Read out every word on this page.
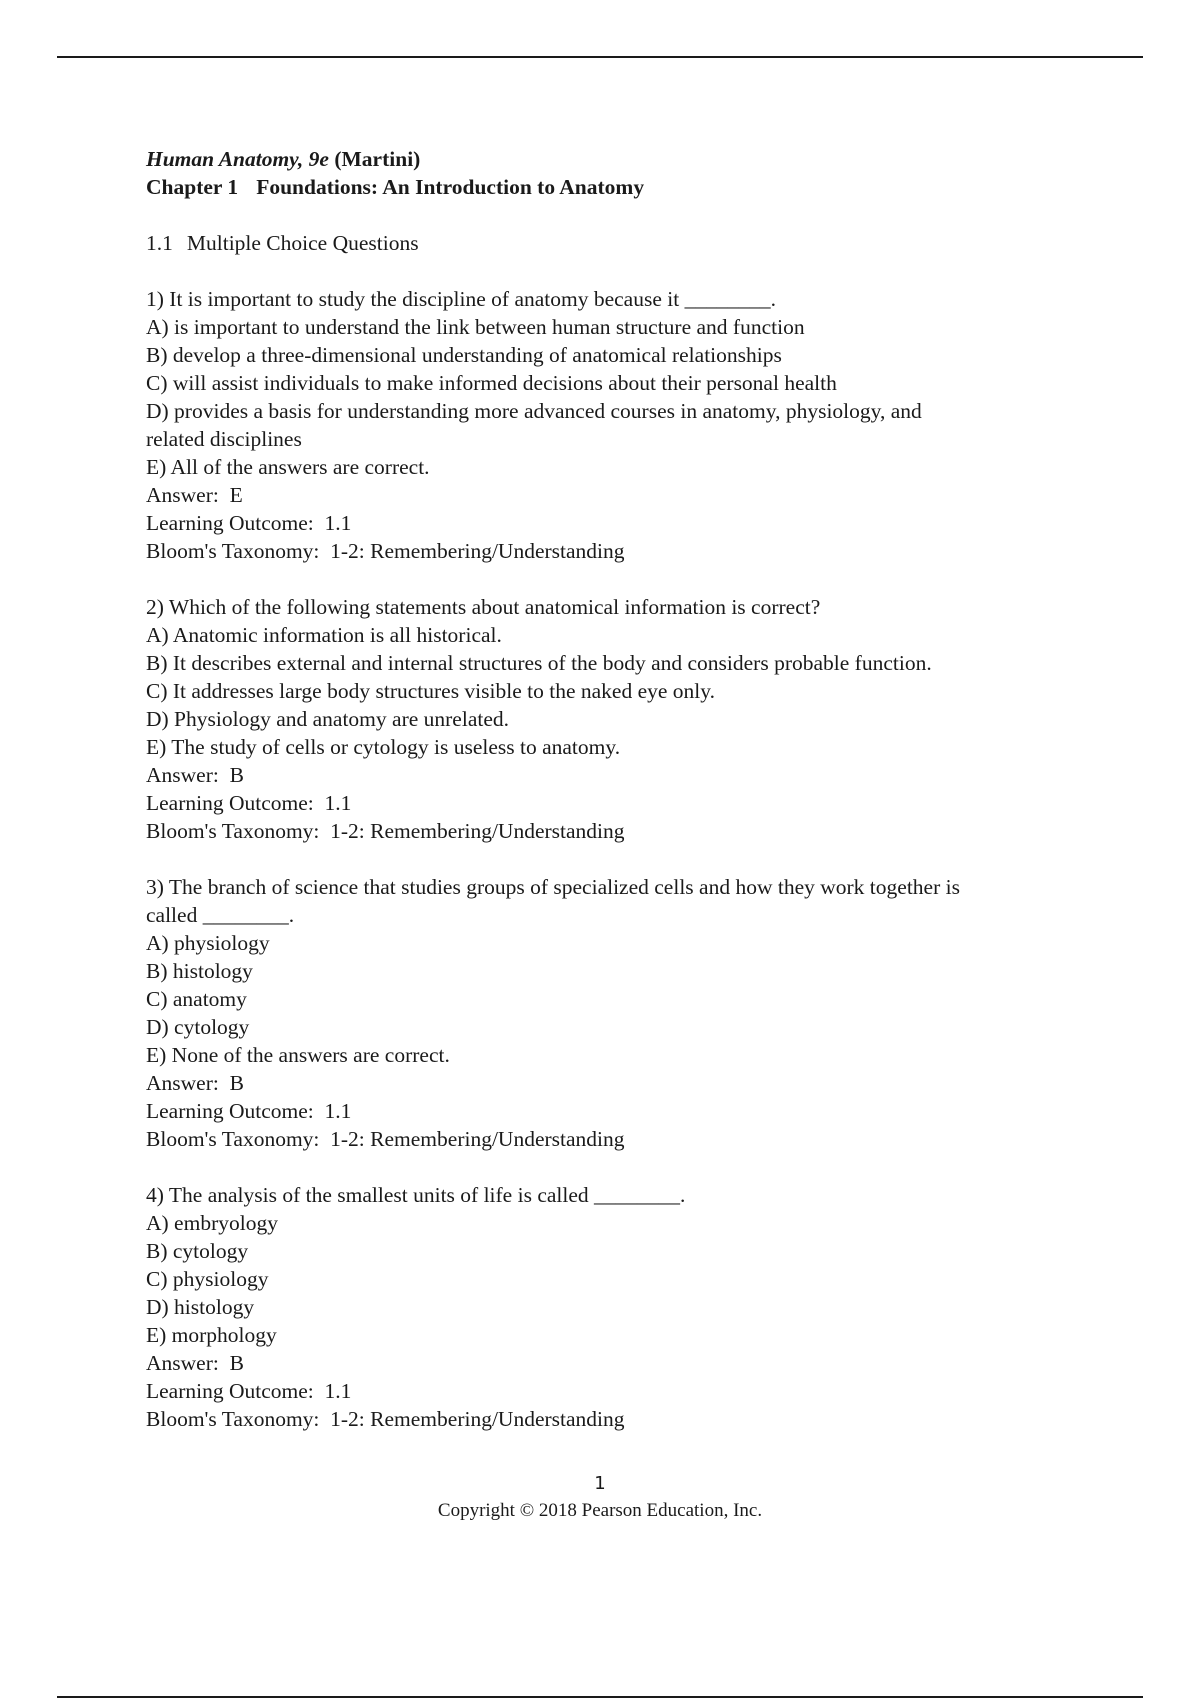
Human Anatomy, 9e (Martini)
Chapter 1 Foundations: An Introduction to Anatomy
1.1 Multiple Choice Questions
1) It is important to study the discipline of anatomy because it ________.
A) is important to understand the link between human structure and function
B) develop a three-dimensional understanding of anatomical relationships
C) will assist individuals to make informed decisions about their personal health
D) provides a basis for understanding more advanced courses in anatomy, physiology, and
related disciplines
E) All of the answers are correct.
Answer: E
Learning Outcome: 1.1
Bloom's Taxonomy: 1-2: Remembering/Understanding
2) Which of the following statements about anatomical information is correct?
A) Anatomic information is all historical.
B) It describes external and internal structures of the body and considers probable function.
C) It addresses large body structures visible to the naked eye only.
D) Physiology and anatomy are unrelated.
E) The study of cells or cytology is useless to anatomy.
Answer: B
Learning Outcome: 1.1
Bloom's Taxonomy: 1-2: Remembering/Understanding
3) The branch of science that studies groups of specialized cells and how they work together is
called ________.
A) physiology
B) histology
C) anatomy
D) cytology
E) None of the answers are correct.
Answer: B
Learning Outcome: 1.1
Bloom's Taxonomy: 1-2: Remembering/Understanding
4) The analysis of the smallest units of life is called ________.
A) embryology
B) cytology
C) physiology
D) histology
E) morphology
Answer: B
Learning Outcome: 1.1
Bloom's Taxonomy: 1-2: Remembering/Understanding
1
Copyright © 2018 Pearson Education, Inc.
